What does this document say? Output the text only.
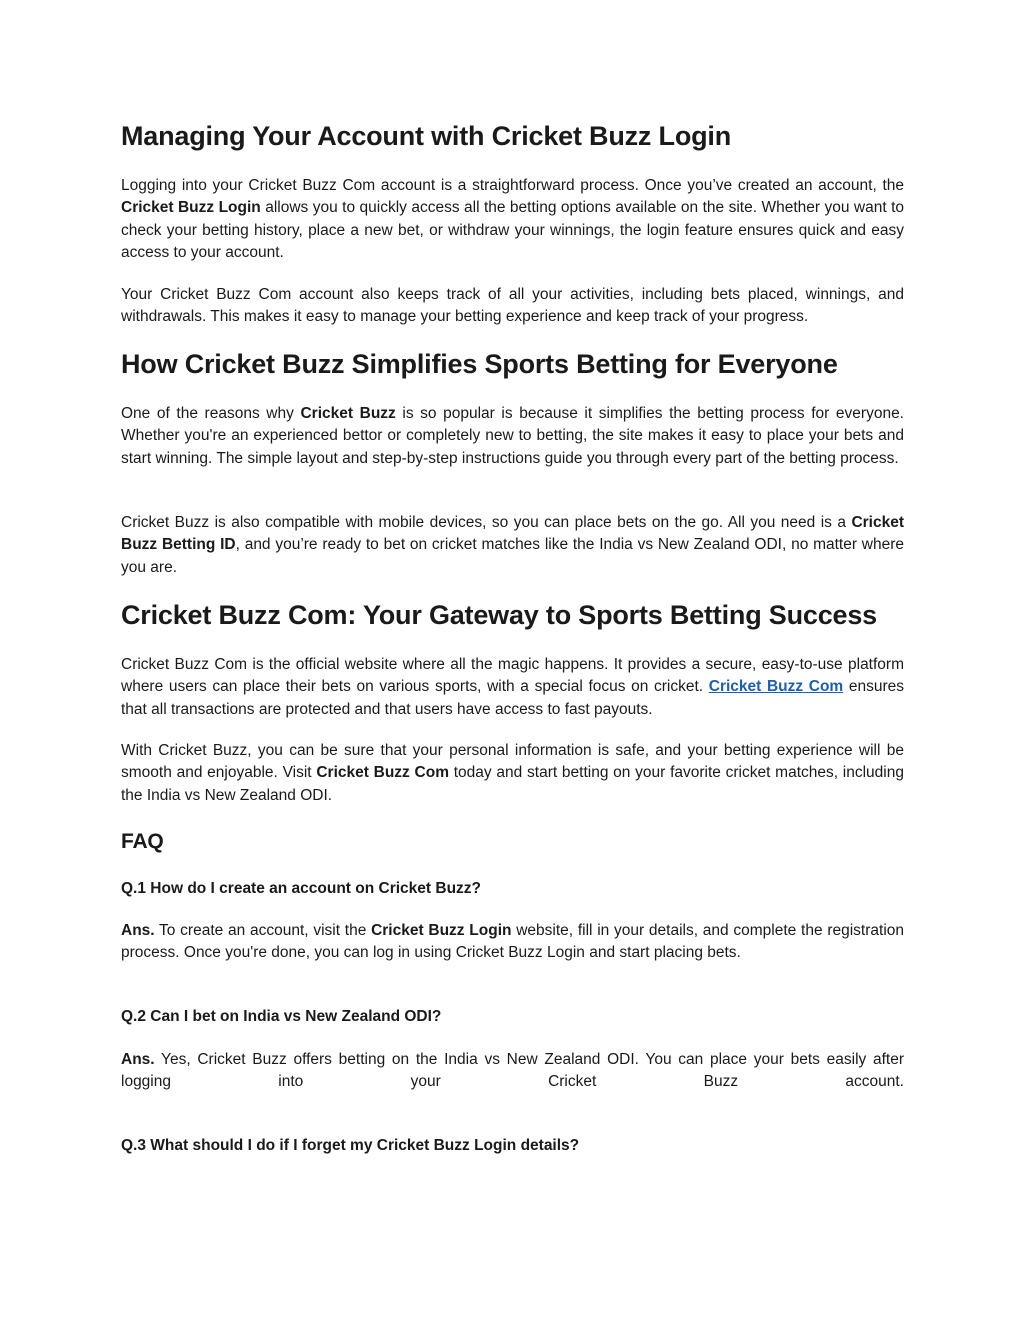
Managing Your Account with Cricket Buzz Login

Logging into your Cricket Buzz Com account is a straightforward process. Once you’ve created an account, the Cricket Buzz Login allows you to quickly access all the betting options available on the site. Whether you want to check your betting history, place a new bet, or withdraw your winnings, the login feature ensures quick and easy access to your account.

Your Cricket Buzz Com account also keeps track of all your activities, including bets placed, winnings, and withdrawals. This makes it easy to manage your betting experience and keep track of your progress.

How Cricket Buzz Simplifies Sports Betting for Everyone

One of the reasons why Cricket Buzz is so popular is because it simplifies the betting process for everyone. Whether you're an experienced bettor or completely new to betting, the site makes it easy to place your bets and start winning. The simple layout and step-by-step instructions guide you through every part of the betting process.

Cricket Buzz is also compatible with mobile devices, so you can place bets on the go. All you need is a Cricket Buzz Betting ID, and you’re ready to bet on cricket matches like the India vs New Zealand ODI, no matter where you are.

Cricket Buzz Com: Your Gateway to Sports Betting Success

Cricket Buzz Com is the official website where all the magic happens. It provides a secure, easy-to-use platform where users can place their bets on various sports, with a special focus on cricket. Cricket Buzz Com ensures that all transactions are protected and that users have access to fast payouts.

With Cricket Buzz, you can be sure that your personal information is safe, and your betting experience will be smooth and enjoyable. Visit Cricket Buzz Com today and start betting on your favorite cricket matches, including the India vs New Zealand ODI.

FAQ
Q.1 How do I create an account on Cricket Buzz?

Ans. To create an account, visit the Cricket Buzz Login website, fill in your details, and complete the registration process. Once you're done, you can log in using Cricket Buzz Login and start placing bets.

Q.2 Can I bet on India vs New Zealand ODI?

Ans. Yes, Cricket Buzz offers betting on the India vs New Zealand ODI. You can place your bets easily after logging into your Cricket Buzz account.

Q.3 What should I do if I forget my Cricket Buzz Login details?
